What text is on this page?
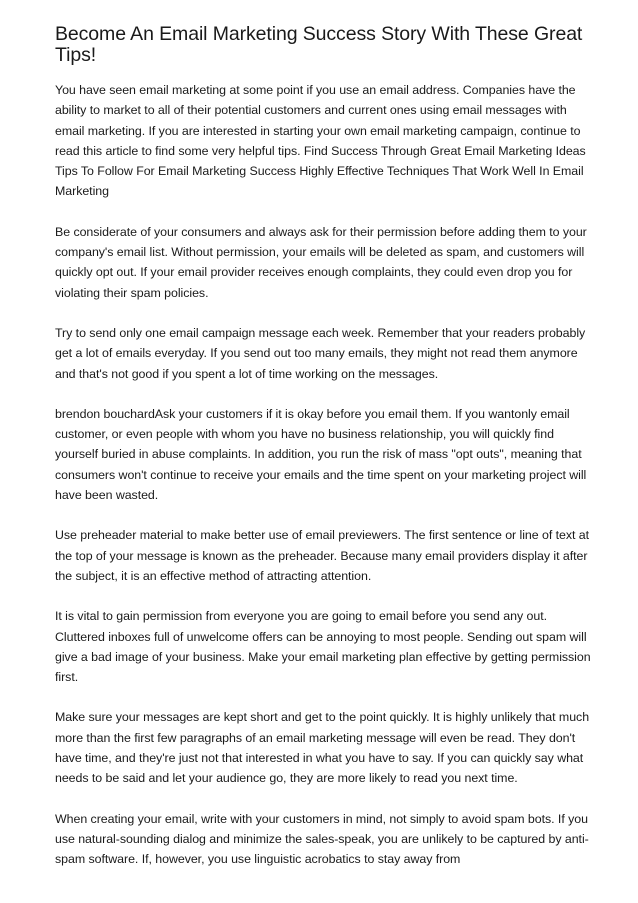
Become An Email Marketing Success Story With These Great Tips!

You have seen email marketing at some point if you use an email address. Companies have the ability to market to all of their potential customers and current ones using email messages with email marketing. If you are interested in starting your own email marketing campaign, continue to read this article to find some very helpful tips. Find Success Through Great Email Marketing Ideas Tips To Follow For Email Marketing Success Highly Effective Techniques That Work Well In Email Marketing

Be considerate of your consumers and always ask for their permission before adding them to your company's email list. Without permission, your emails will be deleted as spam, and customers will quickly opt out. If your email provider receives enough complaints, they could even drop you for violating their spam policies.

Try to send only one email campaign message each week. Remember that your readers probably get a lot of emails everyday. If you send out too many emails, they might not read them anymore and that's not good if you spent a lot of time working on the messages.

brendon bouchardAsk your customers if it is okay before you email them. If you wantonly email customer, or even people with whom you have no business relationship, you will quickly find yourself buried in abuse complaints. In addition, you run the risk of mass "opt outs", meaning that consumers won't continue to receive your emails and the time spent on your marketing project will have been wasted.

Use preheader material to make better use of email previewers. The first sentence or line of text at the top of your message is known as the preheader. Because many email providers display it after the subject, it is an effective method of attracting attention.

It is vital to gain permission from everyone you are going to email before you send any out. Cluttered inboxes full of unwelcome offers can be annoying to most people. Sending out spam will give a bad image of your business. Make your email marketing plan effective by getting permission first.

Make sure your messages are kept short and get to the point quickly. It is highly unlikely that much more than the first few paragraphs of an email marketing message will even be read. They don't have time, and they're just not that interested in what you have to say. If you can quickly say what needs to be said and let your audience go, they are more likely to read you next time.

When creating your email, write with your customers in mind, not simply to avoid spam bots. If you use natural-sounding dialog and minimize the sales-speak, you are unlikely to be captured by anti-spam software. If, however, you use linguistic acrobatics to stay away from
